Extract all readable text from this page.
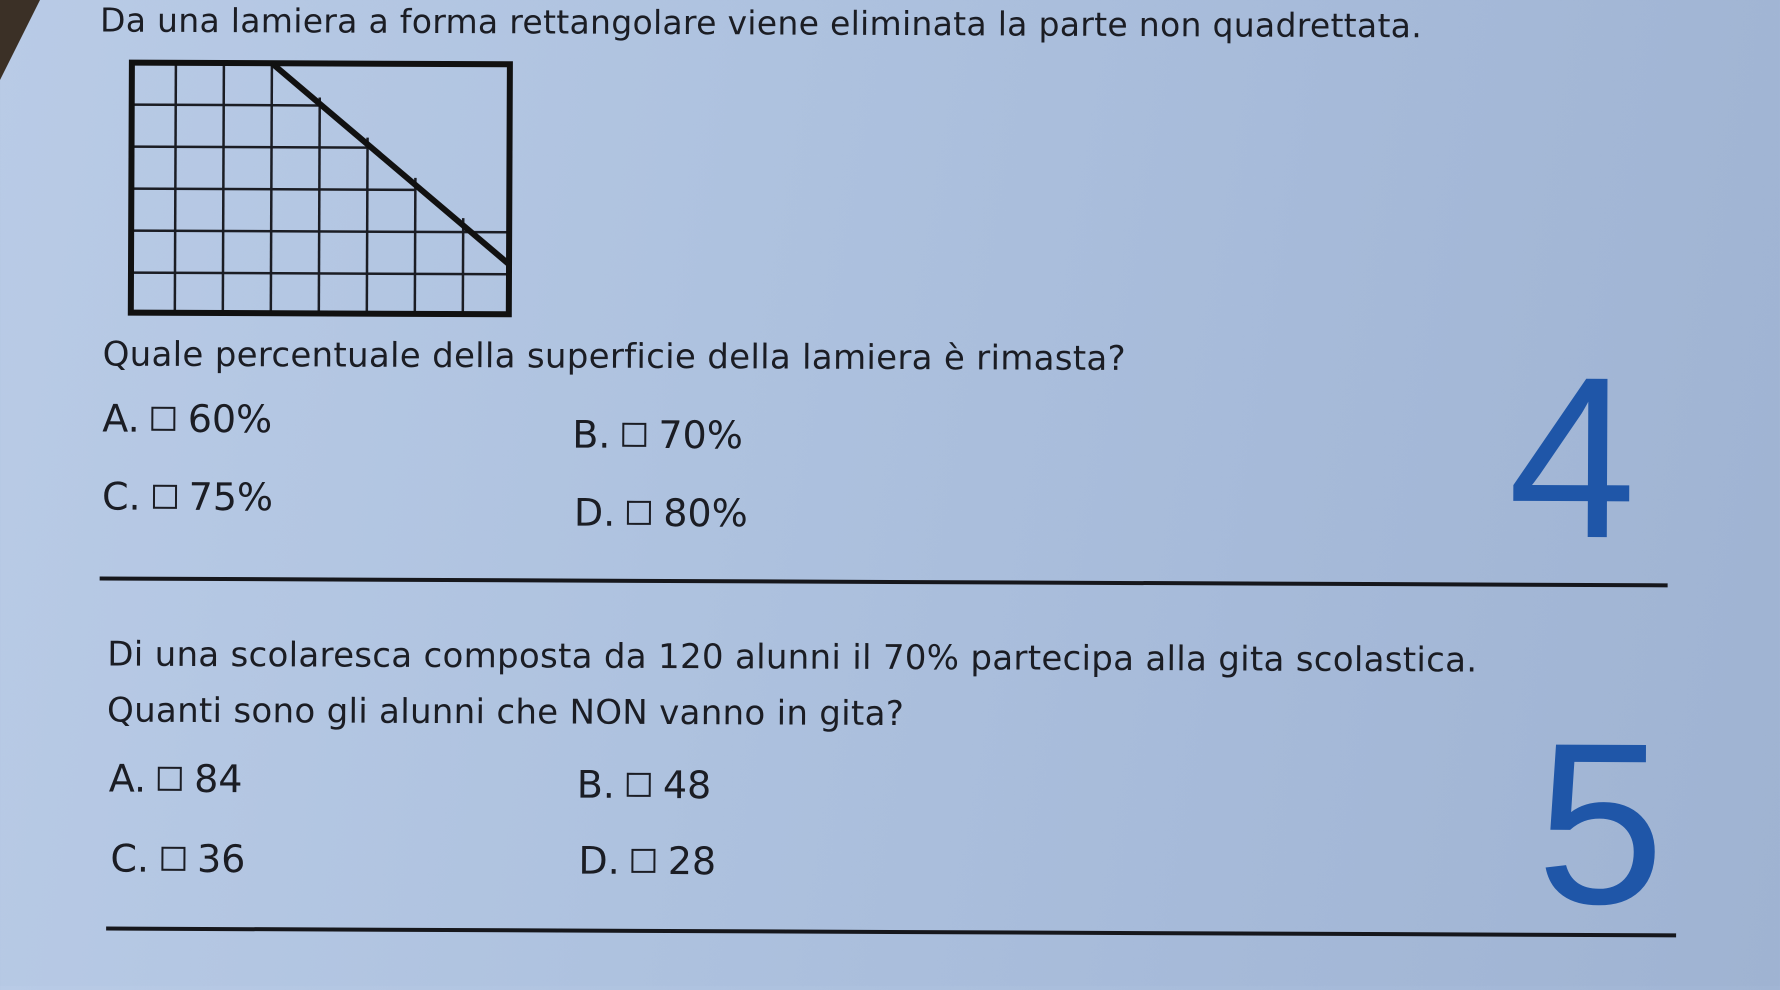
Da una lamiera a forma rettangolare viene eliminata la parte non quadrettata.
Quale percentuale della superficie della lamiera è rimasta?
A. 60%	B. 70%
C. 75%	D. 80%	4
Di una scolaresca composta da 120 alunni il 70% partecipa alla gita scolastica.
Quanti sono gli alunni che NON vanno in gita?
A. 84	B. 48
C. 36	D. 28	5
